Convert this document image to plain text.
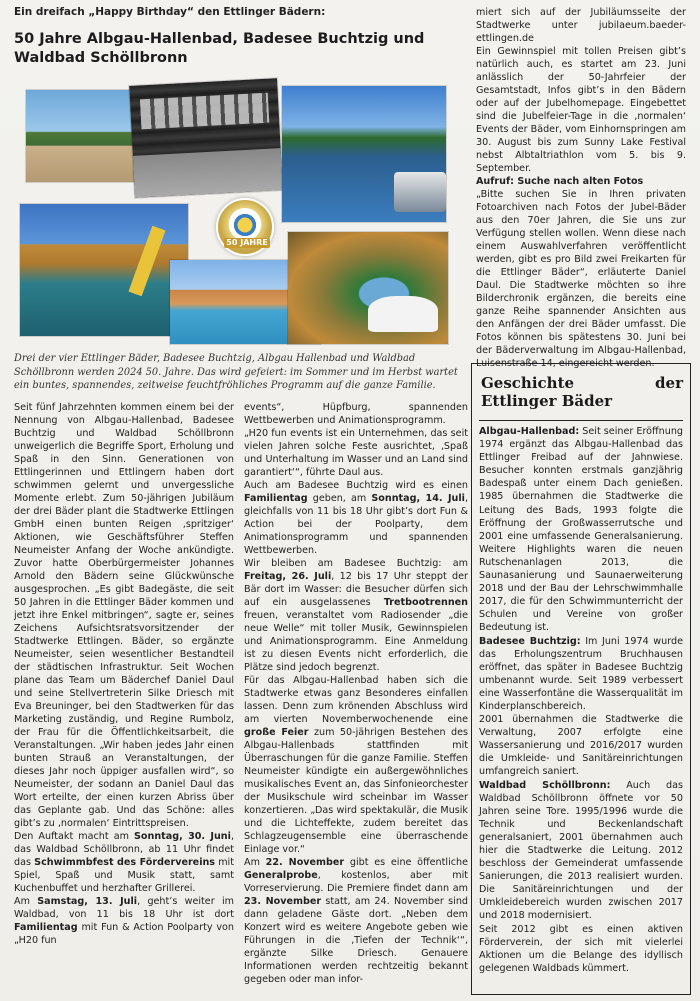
Ein dreifach „Happy Birthday“ den Ettlinger Bädern:
50 Jahre Albgau-Hallenbad, Badesee Buchtzig und Waldbad Schöllbronn
50 JAHRE
Drei der vier Ettlinger Bäder, Badesee Buchtzig, Albgau Hallenbad und Waldbad Schöllbronn werden 2024 50. Jahre. Das wird gefeiert: im Sommer und im Herbst wartet ein buntes, spannendes, zeitweise feuchtfröhliches Programm auf die ganze Familie.

Seit fünf Jahrzehnten kommen einem bei der Nennung von Albgau-Hallenbad, Badesee Buchtzig und Waldbad Schöllbronn unweigerlich die Begriffe Sport, Erholung und Spaß in den Sinn. Generationen von Ettlingerinnen und Ettlingern haben dort schwimmen gelernt und unvergessliche Momente erlebt. Zum 50-jährigen Jubiläum der drei Bäder plant die Stadtwerke Ettlingen GmbH einen bunten Reigen ‚spritziger‘ Aktionen, wie Geschäftsführer Steffen Neumeister Anfang der Woche ankündigte. Zuvor hatte Oberbürgermeister Johannes Arnold den Bädern seine Glückwünsche ausgesprochen. „Es gibt Badegäste, die seit 50 Jahren in die Ettlinger Bäder kommen und jetzt ihre Enkel mitbringen“, sagte er, seines Zeichens Aufsichtsratsvorsitzender der Stadtwerke Ettlingen. Bäder, so ergänzte Neumeister, seien wesentlicher Bestandteil der städtischen Infrastruktur. Seit Wochen plane das Team um Bäderchef Daniel Daul und seine Stellvertreterin Silke Driesch mit Eva Breuninger, bei den Stadtwerken für das Marketing zuständig, und Regine Rumbolz, der Frau für die Öffentlichkeitsarbeit, die Veranstaltungen. „Wir haben jedes Jahr einen bunten Strauß an Veranstaltungen, der dieses Jahr noch üppiger ausfallen wird“, so Neumeister, der sodann an Daniel Daul das Wort erteilte, der einen kurzen Abriss über das Geplante gab. Und das Schöne: alles gibt’s zu ‚normalen‘ Eintrittspreisen.

Den Auftakt macht am Sonntag, 30. Juni, das Waldbad Schöllbronn, ab 11 Uhr findet das Schwimmbfest des Fördervereins mit Spiel, Spaß und Musik statt, samt Kuchenbuffet und herzhafter Grillerei.

Am Samstag, 13. Juli, geht’s weiter im Waldbad, von 11 bis 18 Uhr ist dort Familientag mit Fun & Action Poolparty von „H20 fun

events“, Hüpfburg, spannenden Wettbewerben und Animationsprogramm.

„H20 fun events ist ein Unternehmen, das seit vielen Jahren solche Feste ausrichtet, ‚Spaß und Unterhaltung im Wasser und an Land sind garantiert‘“, führte Daul aus.

Auch am Badesee Buchtzig wird es einen Familientag geben, am Sonntag, 14. Juli, gleichfalls von 11 bis 18 Uhr gibt’s dort Fun & Action bei der Poolparty, dem Animationsprogramm und spannenden Wettbewerben.

Wir bleiben am Badesee Buchtzig: am Freitag, 26. Juli, 12 bis 17 Uhr steppt der Bär dort im Wasser: die Besucher dürfen sich auf ein ausgelassenes Tretbootrennen freuen, veranstaltet vom Radiosender „die neue Welle“ mit toller Musik, Gewinnspielen und Animationsprogramm. Eine Anmeldung ist zu diesen Events nicht erforderlich, die Plätze sind jedoch begrenzt.

Für das Albgau-Hallenbad haben sich die Stadtwerke etwas ganz Besonderes einfallen lassen. Denn zum krönenden Abschluss wird am vierten Novemberwochenende eine große Feier zum 50-jährigen Bestehen des Albgau-Hallenbads stattfinden mit Überraschungen für die ganze Familie. Steffen Neumeister kündigte ein außergewöhnliches musikalisches Event an, das Sinfonieorchester der Musikschule wird scheinbar im Wasser konzertieren. „Das wird spektakulär, die Musik und die Lichteffekte, zudem bereitet das Schlagzeugensemble eine überraschende Einlage vor.“

Am 22. November gibt es eine öffentliche Generalprobe, kostenlos, aber mit Vorreservierung. Die Premiere findet dann am 23. November statt, am 24. November sind dann geladene Gäste dort. „Neben dem Konzert wird es weitere Angebote geben wie Führungen in die ‚Tiefen der Technik‘“, ergänzte Silke Driesch. Genauere Informationen werden rechtzeitig bekannt gegeben oder man infor-

miert sich auf der Jubiläumsseite der Stadtwerke unter jubilaeum.baeder-ettlingen.de

Ein Gewinnspiel mit tollen Preisen gibt’s natürlich auch, es startet am 23. Juni anlässlich der 50-Jahrfeier der Gesamtstadt, Infos gibt’s in den Bädern oder auf der Jubelhomepage. Eingebettet sind die Jubelfeier-Tage in die ‚normalen‘ Events der Bäder, vom Einhornspringen am 30. August bis zum Sunny Lake Festival nebst Albtaltriathlon vom 5. bis 9. September.

Aufruf: Suche nach alten Fotos

„Bitte suchen Sie in Ihren privaten Fotoarchiven nach Fotos der Jubel-Bäder aus den 70er Jahren, die Sie uns zur Verfügung stellen wollen. Wenn diese nach einem Auswahlverfahren veröffentlicht werden, gibt es pro Bild zwei Freikarten für die Ettlinger Bäder“, erläuterte Daniel Daul. Die Stadtwerke möchten so ihre Bilderchronik ergänzen, die bereits eine ganze Reihe spannender Ansichten aus den Anfängen der drei Bäder umfasst. Die Fotos können bis spätestens 30. Juni bei der Bäderverwaltung im Albgau-Hallenbad, Luisenstraße 14, eingereicht werden.

Geschichte der Ettlinger Bäder

Albgau-Hallenbad: Seit seiner Eröffnung 1974 ergänzt das Albgau-Hallenbad das Ettlinger Freibad auf der Jahnwiese. Besucher konnten erstmals ganzjährig Badespaß unter einem Dach genießen. 1985 übernahmen die Stadtwerke die Leitung des Bads, 1993 folgte die Eröffnung der Großwasserrutsche und 2001 eine umfassende Generalsanierung. Weitere Highlights waren die neuen Rutschenanlagen 2013, die Saunasanierung und Saunaerweiterung 2018 und der Bau der Lehrschwimmhalle 2017, die für den Schwimmunterricht der Schulen und Vereine von großer Bedeutung ist.

Badesee Buchtzig: Im Juni 1974 wurde das Erholungszentrum Bruchhausen eröffnet, das später in Badesee Buchtzig umbenannt wurde. Seit 1989 verbessert eine Wasserfontäne die Wasserqualität im Kinderplanschbereich.

2001 übernahmen die Stadtwerke die Verwaltung, 2007 erfolgte eine Wassersanierung und 2016/2017 wurden die Umkleide- und Sanitäreinrichtungen umfangreich saniert.

Waldbad Schöllbronn: Auch das Waldbad Schöllbronn öffnete vor 50 Jahren seine Tore. 1995/1996 wurde die Technik und Beckenlandschaft generalsaniert, 2001 übernahmen auch hier die Stadtwerke die Leitung. 2012 beschloss der Gemeinderat umfassende Sanierungen, die 2013 realisiert wurden. Die Sanitäreinrichtungen und der Umkleidebereich wurden zwischen 2017 und 2018 modernisiert.

Seit 2012 gibt es einen aktiven Förderverein, der sich mit vielerlei Aktionen um die Belange des idyllisch gelegenen Waldbads kümmert.
